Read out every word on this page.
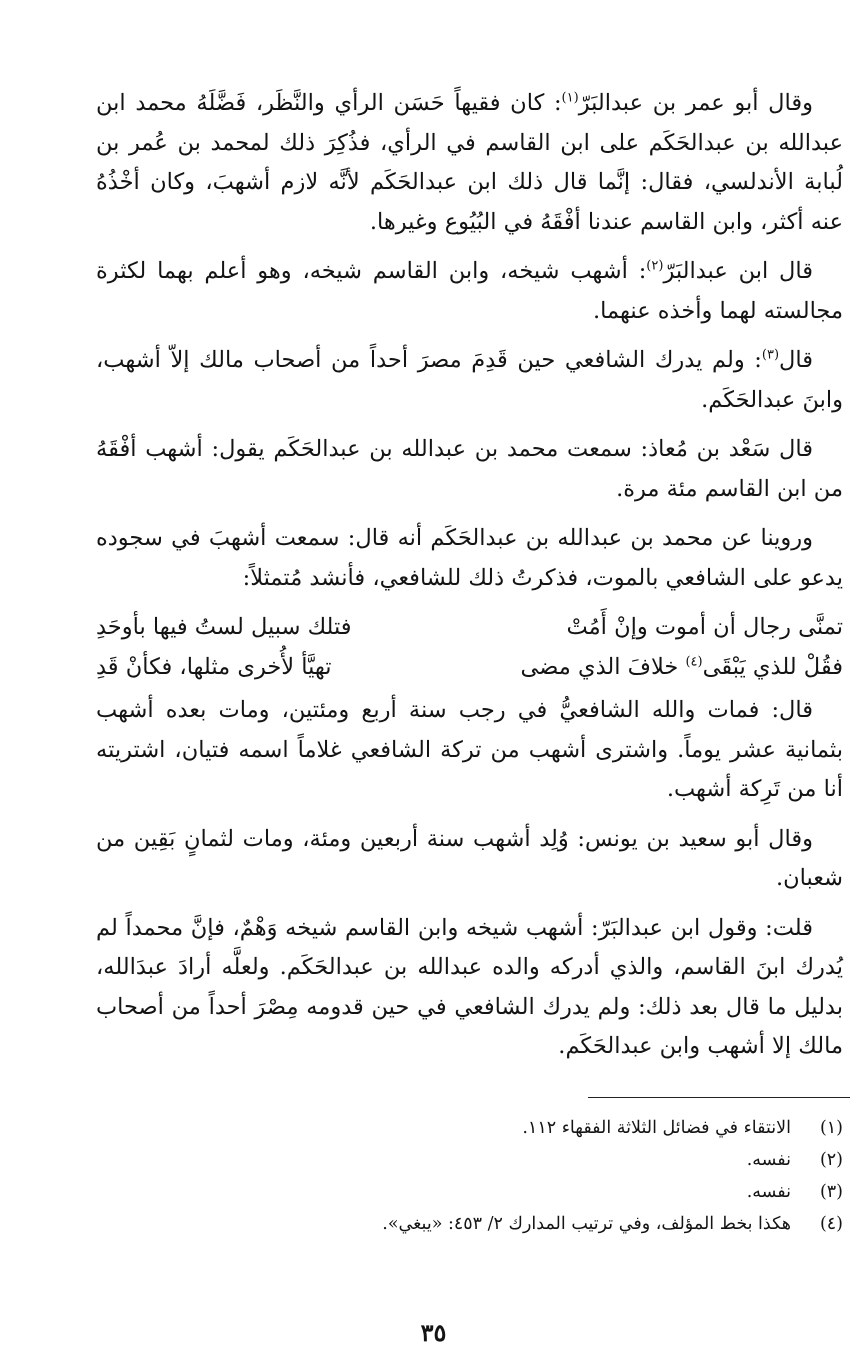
وقال أبو عمر بن عبدالبَرّ$^{(١)}$: كان فقيهاً حَسَن الرأي والنَّظَر، فَضَّلَهُ محمد ابن عبدالله بن عبدالحَكَم على ابن القاسم في الرأي، فذُكِرَ ذلك لمحمد بن عُمر بن لُبابة الأندلسي، فقال: إنَّما قال ذلك ابن عبدالحَكَم لأنَّه لازم أشهبَ، وكان أخْذُهُ عنه أكثر، وابن القاسم عندنا أفْقَهُ في البُيُوع وغيرها.

قال ابن عبدالبَرّ$^{(٢)}$: أشهب شيخه، وابن القاسم شيخه، وهو أعلم بهما لكثرة مجالسته لهما وأخذه عنهما.

قال$^{(٣)}$: ولم يدرك الشافعي حين قَدِمَ مصرَ أحداً من أصحاب مالك إلاّ أشهب، وابنَ عبدالحَكَم.

قال سَعْد بن مُعاذ: سمعت محمد بن عبدالله بن عبدالحَكَم يقول: أشهب أفْقَهُ من ابن القاسم مئة مرة.

وروينا عن محمد بن عبدالله بن عبدالحَكَم أنه قال: سمعت أشهبَ في سجوده يدعو على الشافعي بالموت، فذكرتُ ذلك للشافعي، فأنشد مُتمثلاً:

تمنَّى رجال أن أموت وإنْ أَمُتْ
فتلك سبيل لستُ فيها بأوحَدِ
فقُلْ للذي يَبْقَى$^{(٤)}$ خلافَ الذي مضى
تهيَّأ لأُخرى مثلها، فكأنْ قَدِ

قال: فمات والله الشافعيُّ في رجب سنة أربع ومئتين، ومات بعده أشهب بثمانية عشر يوماً. واشترى أشهب من تركة الشافعي غلاماً اسمه فتيان، اشتريته أنا من تَرِكة أشهب.

وقال أبو سعيد بن يونس: وُلِد أشهب سنة أربعين ومئة، ومات لثمانٍ بَقِين من شعبان.

قلت: وقول ابن عبدالبَرّ: أشهب شيخه وابن القاسم شيخه وَهْمٌ، فإنَّ محمداً لم يُدرك ابنَ القاسم، والذي أدركه والده عبدالله بن عبدالحَكَم. ولعلَّه أرادَ عبدَالله، بدليل ما قال بعد ذلك: ولم يدرك الشافعي في حين قدومه مِصْرَ أحداً من أصحاب مالك إلا أشهب وابن عبدالحَكَم.

(١)
الانتقاء في فضائل الثلاثة الفقهاء ١١٢.
(٢)
نفسه.
(٣)
نفسه.
(٤)
هكذا بخط المؤلف، وفي ترتيب المدارك ٢/ ٤٥٣: «يبغي».
٣٥
